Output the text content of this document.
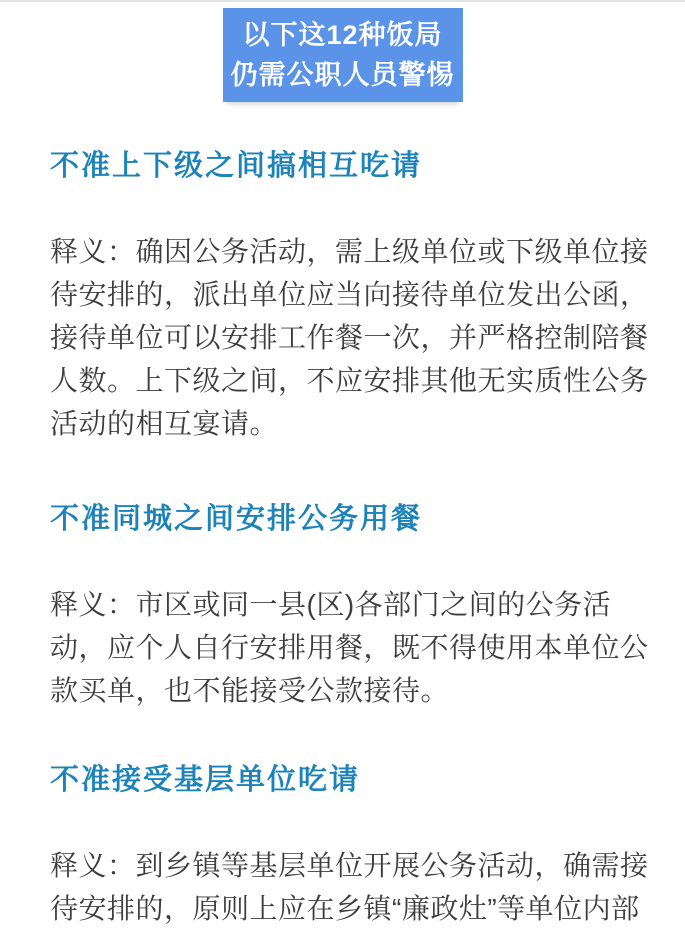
以下这12种饭局
仍需公职人员警惕
不准上下级之间搞相互吃请
释义：确因公务活动，需上级单位或下级单位接
待安排的，派出单位应当向接待单位发出公函，
接待单位可以安排工作餐一次，并严格控制陪餐
人数。上下级之间，不应安排其他无实质性公务
活动的相互宴请。
不准同城之间安排公务用餐
释义：市区或同一县(区)各部门之间的公务活
动，应个人自行安排用餐，既不得使用本单位公
款买单，也不能接受公款接待。
不准接受基层单位吃请
释义：到乡镇等基层单位开展公务活动，确需接
待安排的，原则上应在乡镇“廉政灶”等单位内部
